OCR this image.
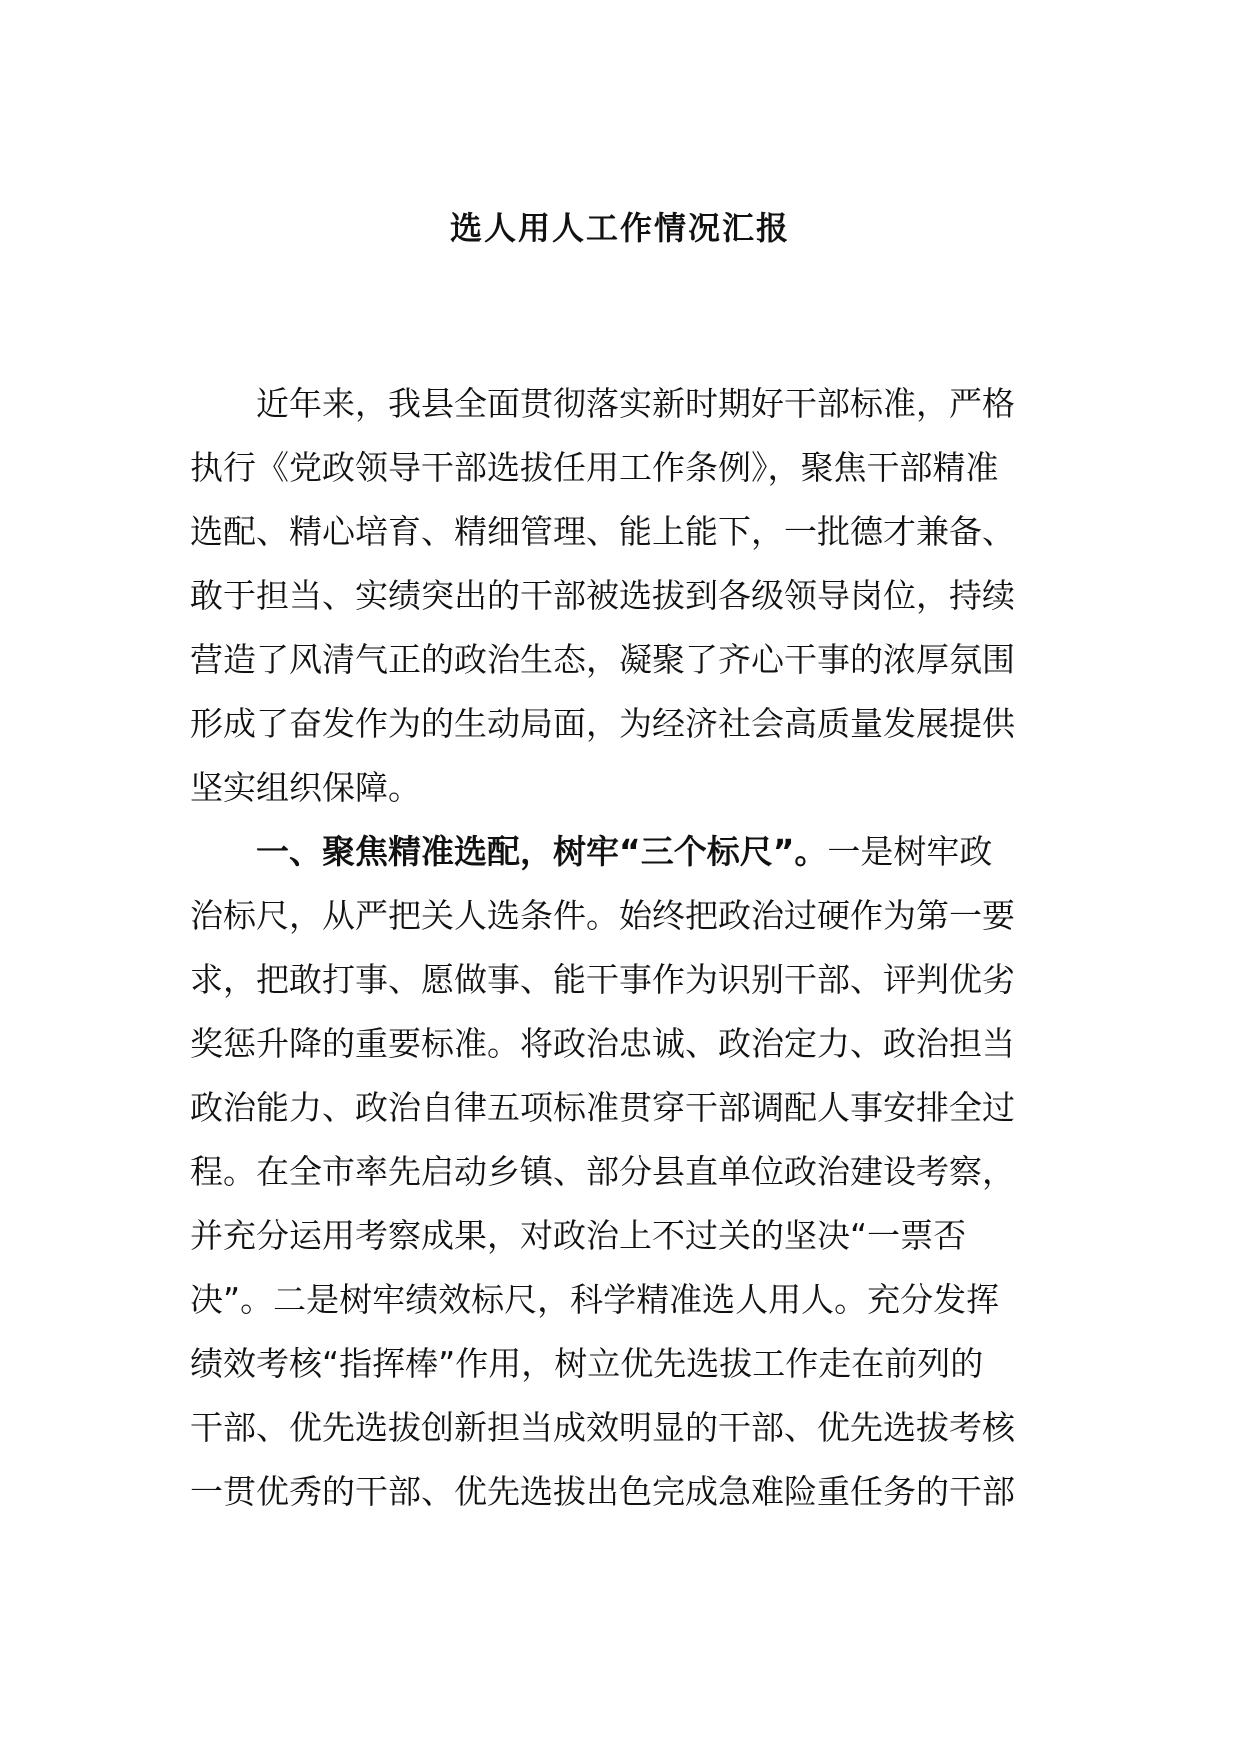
选人用人工作情况汇报
近年来，我县全面贯彻落实新时期好干部标准，严格
执行《党政领导干部选拔任用工作条例》，聚焦干部精准
选配、精心培育、精细管理、能上能下，一批德才兼备、
敢于担当、实绩突出的干部被选拔到各级领导岗位，持续
营造了风清气正的政治生态，凝聚了齐心干事的浓厚氛围
形成了奋发作为的生动局面，为经济社会高质量发展提供
坚实组织保障。
一、聚焦精准选配，树牢“三个标尺”。一是树牢政
治标尺，从严把关人选条件。始终把政治过硬作为第一要
求，把敢打事、愿做事、能干事作为识别干部、评判优劣
奖惩升降的重要标准。将政治忠诚、政治定力、政治担当
政治能力、政治自律五项标准贯穿干部调配人事安排全过
程。在全市率先启动乡镇、部分县直单位政治建设考察，
并充分运用考察成果，对政治上不过关的坚决“一票否
决”。二是树牢绩效标尺，科学精准选人用人。充分发挥
绩效考核“指挥棒”作用，树立优先选拔工作走在前列的
干部、优先选拔创新担当成效明显的干部、优先选拔考核
一贯优秀的干部、优先选拔出色完成急难险重任务的干部
